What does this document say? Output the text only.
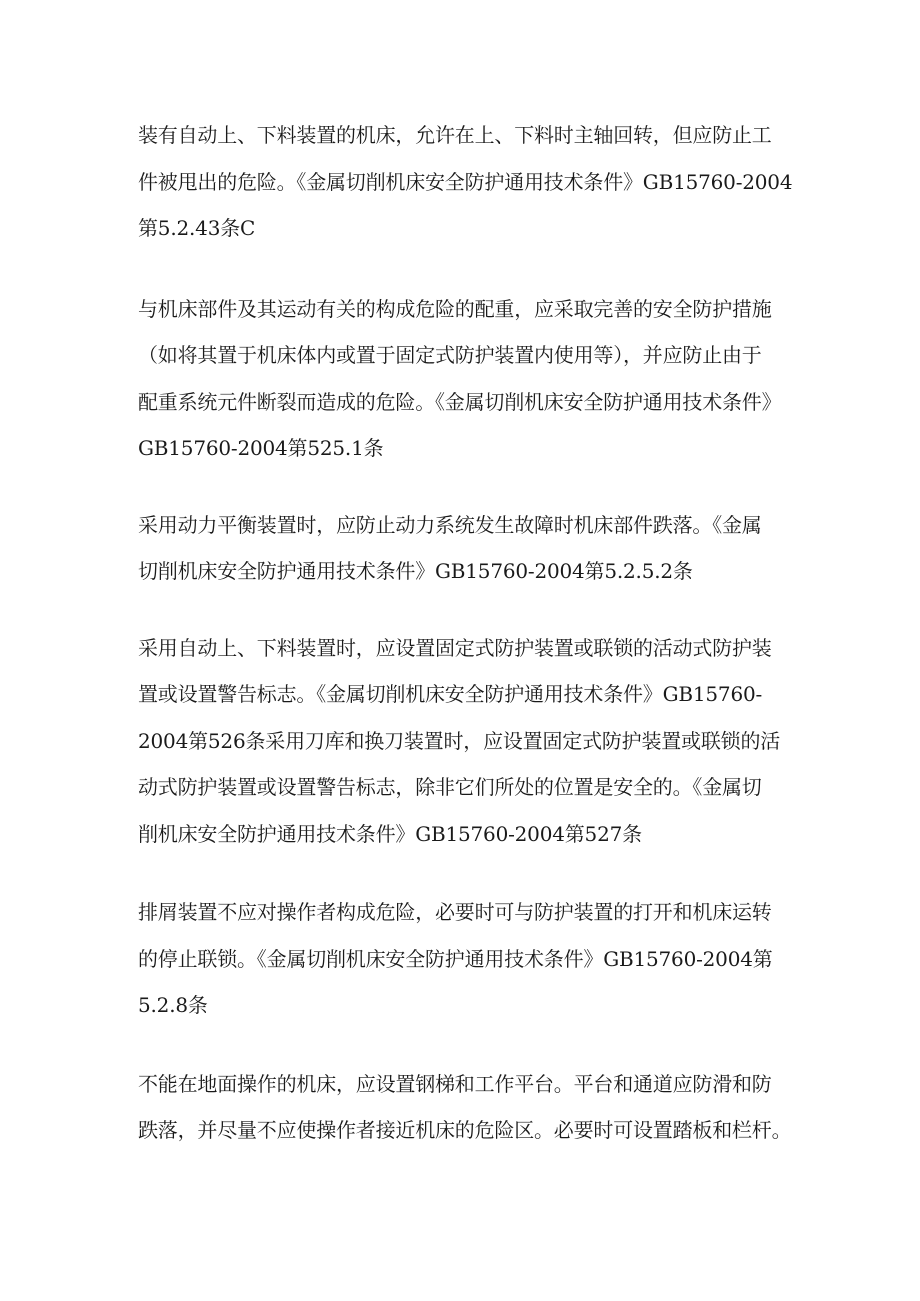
装有自动上、下料装置的机床，允许在上、下料时主轴回转，但应防止工
件被甩出的危险。《金属切削机床安全防护通用技术条件》GB15760-2004
第5.2.43条C

与机床部件及其运动有关的构成危险的配重，应采取完善的安全防护措施
（如将其置于机床体内或置于固定式防护装置内使用等），并应防止由于
配重系统元件断裂而造成的危险。《金属切削机床安全防护通用技术条件》
GB15760-2004第525.1条

采用动力平衡装置时，应防止动力系统发生故障时机床部件跌落。《金属
切削机床安全防护通用技术条件》GB15760-2004第5.2.5.2条

采用自动上、下料装置时，应设置固定式防护装置或联锁的活动式防护装
置或设置警告标志。《金属切削机床安全防护通用技术条件》GB15760-
2004第526条采用刀库和换刀装置时，应设置固定式防护装置或联锁的活
动式防护装置或设置警告标志，除非它们所处的位置是安全的。《金属切
削机床安全防护通用技术条件》GB15760-2004第527条

排屑装置不应对操作者构成危险，必要时可与防护装置的打开和机床运转
的停止联锁。《金属切削机床安全防护通用技术条件》GB15760-2004第
5.2.8条

不能在地面操作的机床，应设置钢梯和工作平台。平台和通道应防滑和防
跌落，并尽量不应使操作者接近机床的危险区。必要时可设置踏板和栏杆。
